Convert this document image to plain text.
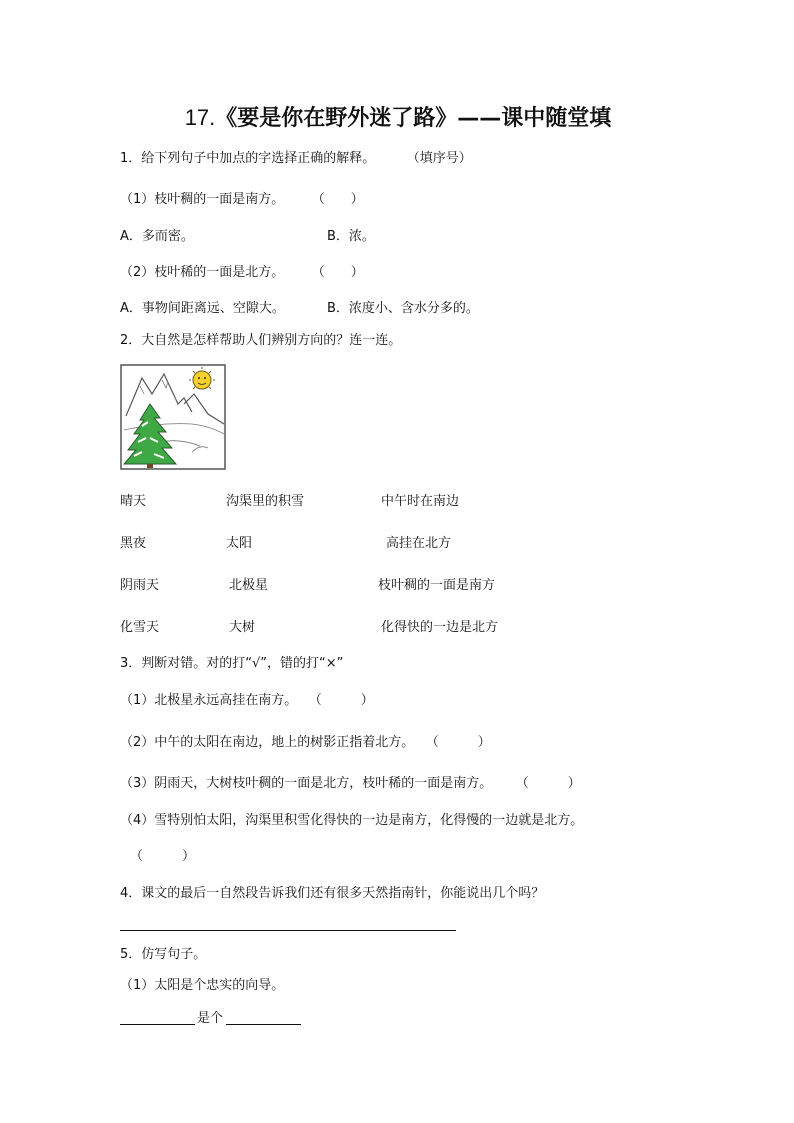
17.《要是你在野外迷了路》——课中随堂填
1．给下列句子中加点的字选择正确的解释。	（填序号）
（1）枝叶稠的一面是南方。	（　　）
A．多而密。	B．浓。
（2）枝叶稀的一面是北方。	（　　）
A．事物间距离远、空隙大。	B．浓度小、含水分多的。
2．大自然是怎样帮助人们辨别方向的？连一连。
晴天	沟渠里的积雪	中午时在南边
黑夜	太阳	高挂在北方
阴雨天	北极星	枝叶稠的一面是南方
化雪天	大树	化得快的一边是北方
3．判断对错。对的打“√”，错的打“×”
（1）北极星永远高挂在南方。 （　　　）
（2）中午的太阳在南边，地上的树影正指着北方。 （　　　）
（3）阴雨天，大树枝叶稠的一面是北方，枝叶稀的一面是南方。 （　　　）
（4）雪特别怕太阳，沟渠里积雪化得快的一边是南方，化得慢的一边就是北方。
（　　　）
4．课文的最后一自然段告诉我们还有很多天然指南针，你能说出几个吗？
5．仿写句子。
（1）太阳是个忠实的向导。
是个
